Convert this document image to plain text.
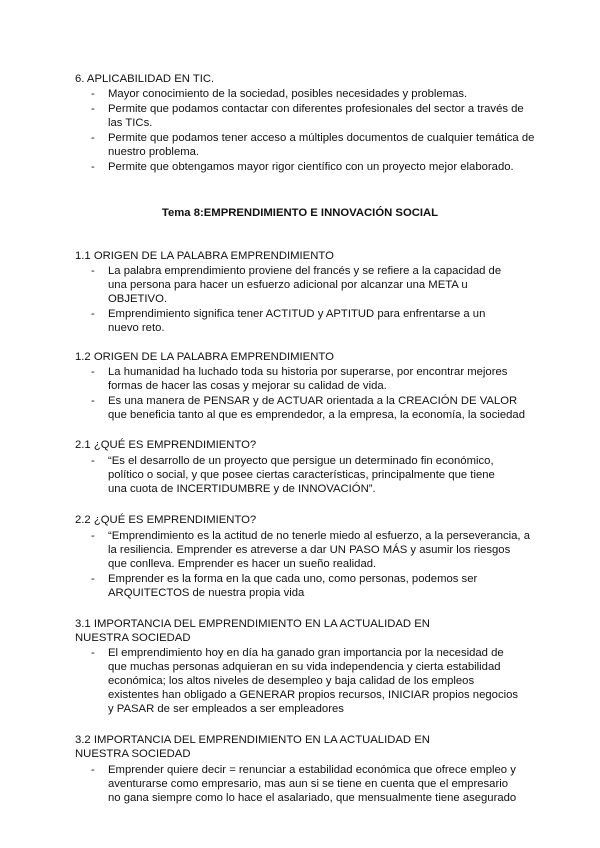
6. APLICABILIDAD EN TIC.
- Mayor conocimiento de la sociedad, posibles necesidades y problemas.
- Permite que podamos contactar con diferentes profesionales del sector a través de
las TICs.
- Permite que podamos tener acceso a múltiples documentos de cualquier temática de
nuestro problema.
- Permite que obtengamos mayor rigor científico con un proyecto mejor elaborado.
Tema 8:EMPRENDIMIENTO E INNOVACIÓN SOCIAL
1.1 ORIGEN DE LA PALABRA EMPRENDIMIENTO
- La palabra emprendimiento proviene del francés y se refiere a la capacidad de
una persona para hacer un esfuerzo adicional por alcanzar una META u
OBJETIVO.
- Emprendimiento significa tener ACTITUD y APTITUD para enfrentarse a un
nuevo reto.
1.2 ORIGEN DE LA PALABRA EMPRENDIMIENTO
- La humanidad ha luchado toda su historia por superarse, por encontrar mejores
formas de hacer las cosas y mejorar su calidad de vida.
- Es una manera de PENSAR y de ACTUAR orientada a la CREACIÓN DE VALOR
que beneficia tanto al que es emprendedor, a la empresa, la economía, la sociedad
2.1 ¿QUÉ ES EMPRENDIMIENTO?
- “Es el desarrollo de un proyecto que persigue un determinado fin económico,
político o social, y que posee ciertas características, principalmente que tiene
una cuota de INCERTIDUMBRE y de INNOVACIÓN”.
2.2 ¿QUÉ ES EMPRENDIMIENTO?
- “Emprendimiento es la actitud de no tenerle miedo al esfuerzo, a la perseverancia, a
la resiliencia. Emprender es atreverse a dar UN PASO MÁS y asumir los riesgos
que conlleva. Emprender es hacer un sueño realidad.
- Emprender es la forma en la que cada uno, como personas, podemos ser
ARQUITECTOS de nuestra propia vida
3.1 IMPORTANCIA DEL EMPRENDIMIENTO EN LA ACTUALIDAD EN
NUESTRA SOCIEDAD
- El emprendimiento hoy en día ha ganado gran importancia por la necesidad de
que muchas personas adquieran en su vida independencia y cierta estabilidad
económica; los altos niveles de desempleo y baja calidad de los empleos
existentes han obligado a GENERAR propios recursos, INICIAR propios negocios
y PASAR de ser empleados a ser empleadores
3.2 IMPORTANCIA DEL EMPRENDIMIENTO EN LA ACTUALIDAD EN
NUESTRA SOCIEDAD
- Emprender quiere decir = renunciar a estabilidad económica que ofrece empleo y
aventurarse como empresario, mas aun si se tiene en cuenta que el empresario
no gana siempre como lo hace el asalariado, que mensualmente tiene asegurado
